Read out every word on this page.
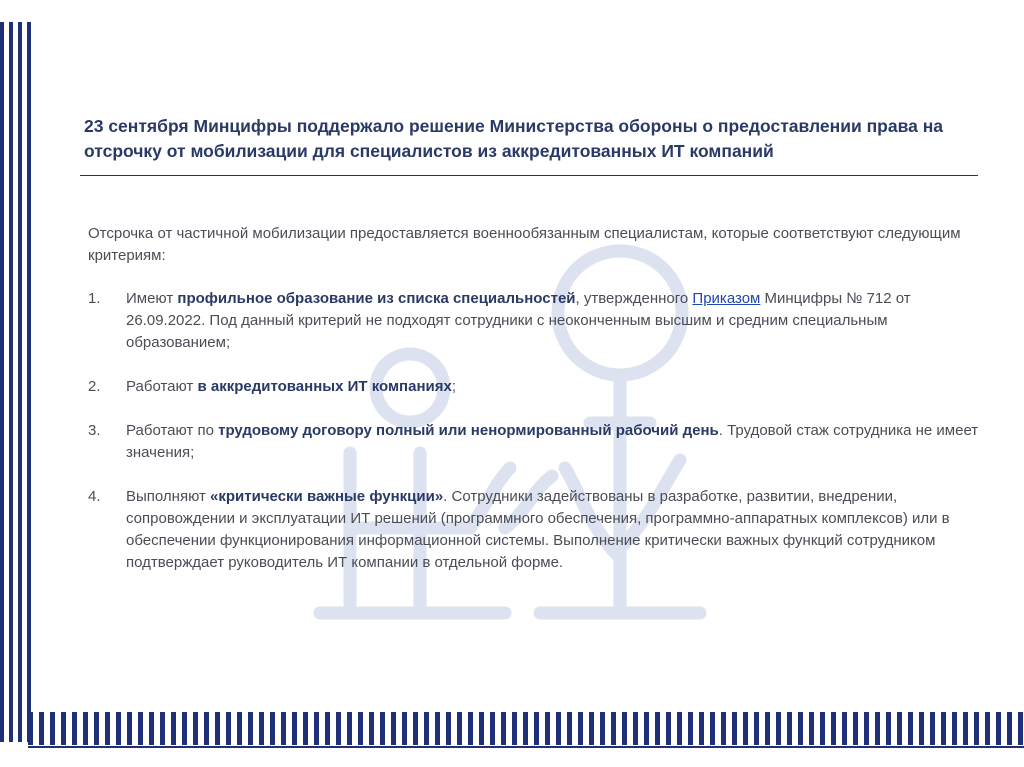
23 сентября Минцифры поддержало решение Министерства обороны о предоставлении права на отсрочку от мобилизации для специалистов из аккредитованных ИТ компаний

Отсрочка от частичной мобилизации предоставляется военнообязанным специалистам, которые соответствуют следующим критериям:

1.	Имеют профильное образование из списка специальностей, утвержденного Приказом Минцифры № 712 от 26.09.2022. Под данный критерий не подходят сотрудники с неоконченным высшим и средним специальным образованием;
2.	Работают в аккредитованных ИТ компаниях;
3.	Работают по трудовому договору полный или ненормированный рабочий день. Трудовой стаж сотрудника не имеет значения;
4.	Выполняют «критически важные функции». Сотрудники задействованы в разработке, развитии, внедрении, сопровождении и эксплуатации ИТ решений (программного обеспечения, программно-аппаратных комплексов) или в обеспечении функционирования информационной системы. Выполнение критически важных функций сотрудником подтверждает руководитель ИТ компании в отдельной форме.
